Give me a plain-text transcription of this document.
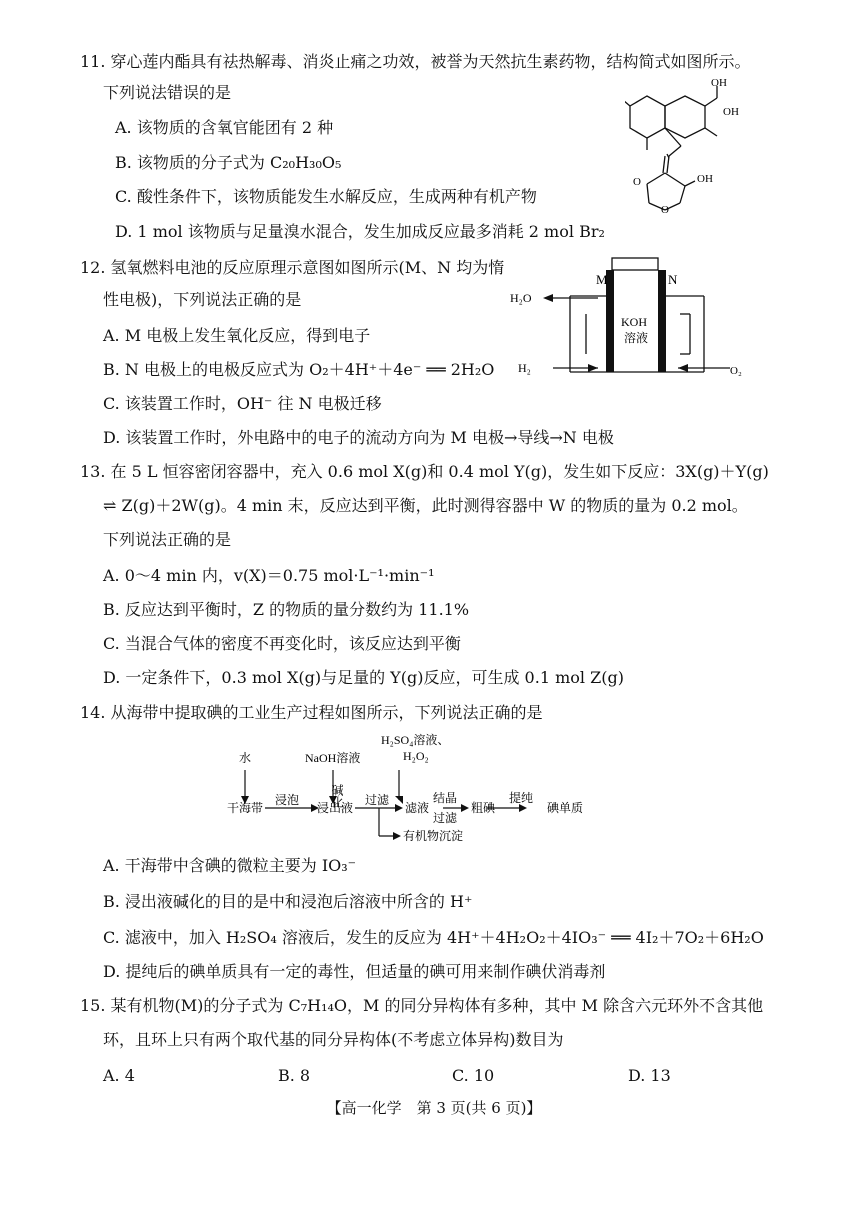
11. 穿心莲内酯具有祛热解毒、消炎止痛之功效，被誉为天然抗生素药物，结构简式如图所示。
下列说法错误的是
A. 该物质的含氧官能团有 2 种
B. 该物质的分子式为 C₂₀H₃₀O₅
C. 酸性条件下，该物质能发生水解反应，生成两种有机产物
D. 1 mol 该物质与足量溴水混合，发生加成反应最多消耗 2 mol Br₂
OH
OH
OH
O
O
12. 氢氧燃料电池的反应原理示意图如图所示(M、N 均为惰
性电极)，下列说法正确的是
A. M 电极上发生氧化反应，得到电子
B. N 电极上的电极反应式为 O₂＋4H⁺＋4e⁻ ══ 2H₂O
C. 该装置工作时，OH⁻ 往 N 电极迁移
D. 该装置工作时，外电路中的电子的流动方向为 M 电极→导线→N 电极
M	N
H₂O
H₂	O₂
KOH
溶液
13. 在 5 L 恒容密闭容器中，充入 0.6 mol X(g)和 0.4 mol Y(g)，发生如下反应：3X(g)＋Y(g)
⇌ Z(g)＋2W(g)。4 min 末，反应达到平衡，此时测得容器中 W 的物质的量为 0.2 mol。
下列说法正确的是
A. 0～4 min 内，v(X)＝0.75 mol·L⁻¹·min⁻¹
B. 反应达到平衡时，Z 的物质的量分数约为 11.1%
C. 当混合气体的密度不再变化时，该反应达到平衡
D. 一定条件下，0.3 mol X(g)与足量的 Y(g)反应，可生成 0.1 mol Z(g)
14. 从海带中提取碘的工业生产过程如图所示，下列说法正确的是
水	NaOH溶液
碱化
H₂SO₄溶液、
H₂O₂
干海带
浸泡
浸出液
过滤
滤液
结晶
过滤
粗碘
提纯
碘单质
有机物沉淀
A. 干海带中含碘的微粒主要为 IO₃⁻
B. 浸出液碱化的目的是中和浸泡后溶液中所含的 H⁺
C. 滤液中，加入 H₂SO₄ 溶液后，发生的反应为 4H⁺＋4H₂O₂＋4IO₃⁻ ══ 4I₂＋7O₂＋6H₂O
D. 提纯后的碘单质具有一定的毒性，但适量的碘可用来制作碘伏消毒剂
15. 某有机物(M)的分子式为 C₇H₁₄O，M 的同分异构体有多种，其中 M 除含六元环外不含其他
环，且环上只有两个取代基的同分异构体(不考虑立体异构)数目为
A. 4	B. 8	C. 10	D. 13
【高一化学　第 3 页(共 6 页)】
